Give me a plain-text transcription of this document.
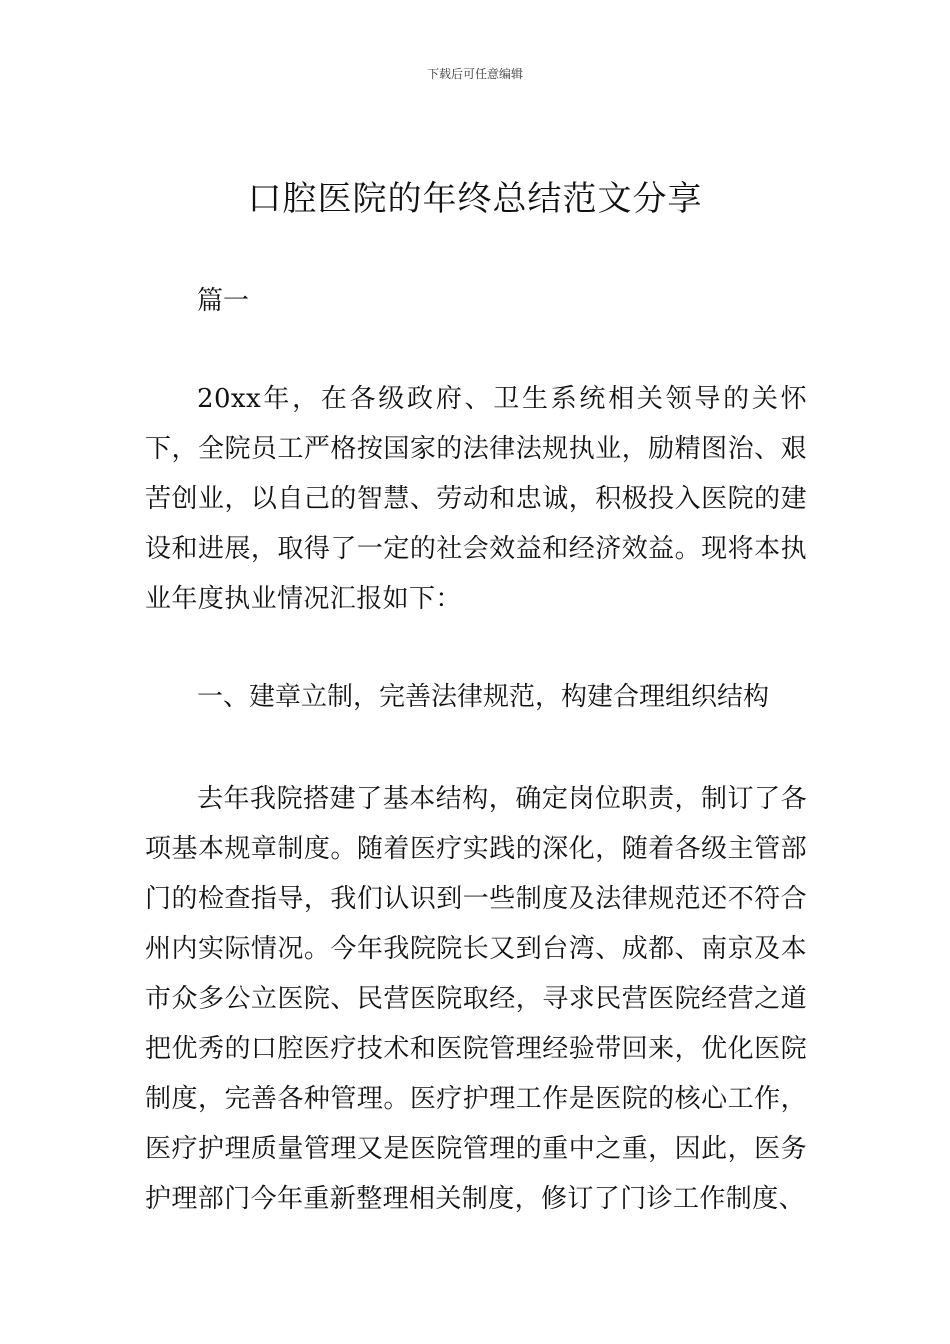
下载后可任意编辑
口腔医院的年终总结范文分享

篇一

20xx年，在各级政府、卫生系统相关领导的关怀下，全院员工严格按国家的法律法规执业，励精图治、艰苦创业，以自己的智慧、劳动和忠诚，积极投入医院的建设和进展，取得了一定的社会效益和经济效益。现将本执业年度执业情况汇报如下：

一、建章立制，完善法律规范，构建合理组织结构

去年我院搭建了基本结构，确定岗位职责，制订了各项基本规章制度。随着医疗实践的深化，随着各级主管部门的检查指导，我们认识到一些制度及法律规范还不符合州内实际情况。今年我院院长又到台湾、成都、南京及本市众多公立医院、民营医院取经，寻求民营医院经营之道把优秀的口腔医疗技术和医院管理经验带回来，优化医院制度，完善各种管理。医疗护理工作是医院的核心工作，医疗护理质量管理又是医院管理的重中之重，因此，医务护理部门今年重新整理相关制度，修订了门诊工作制度、
